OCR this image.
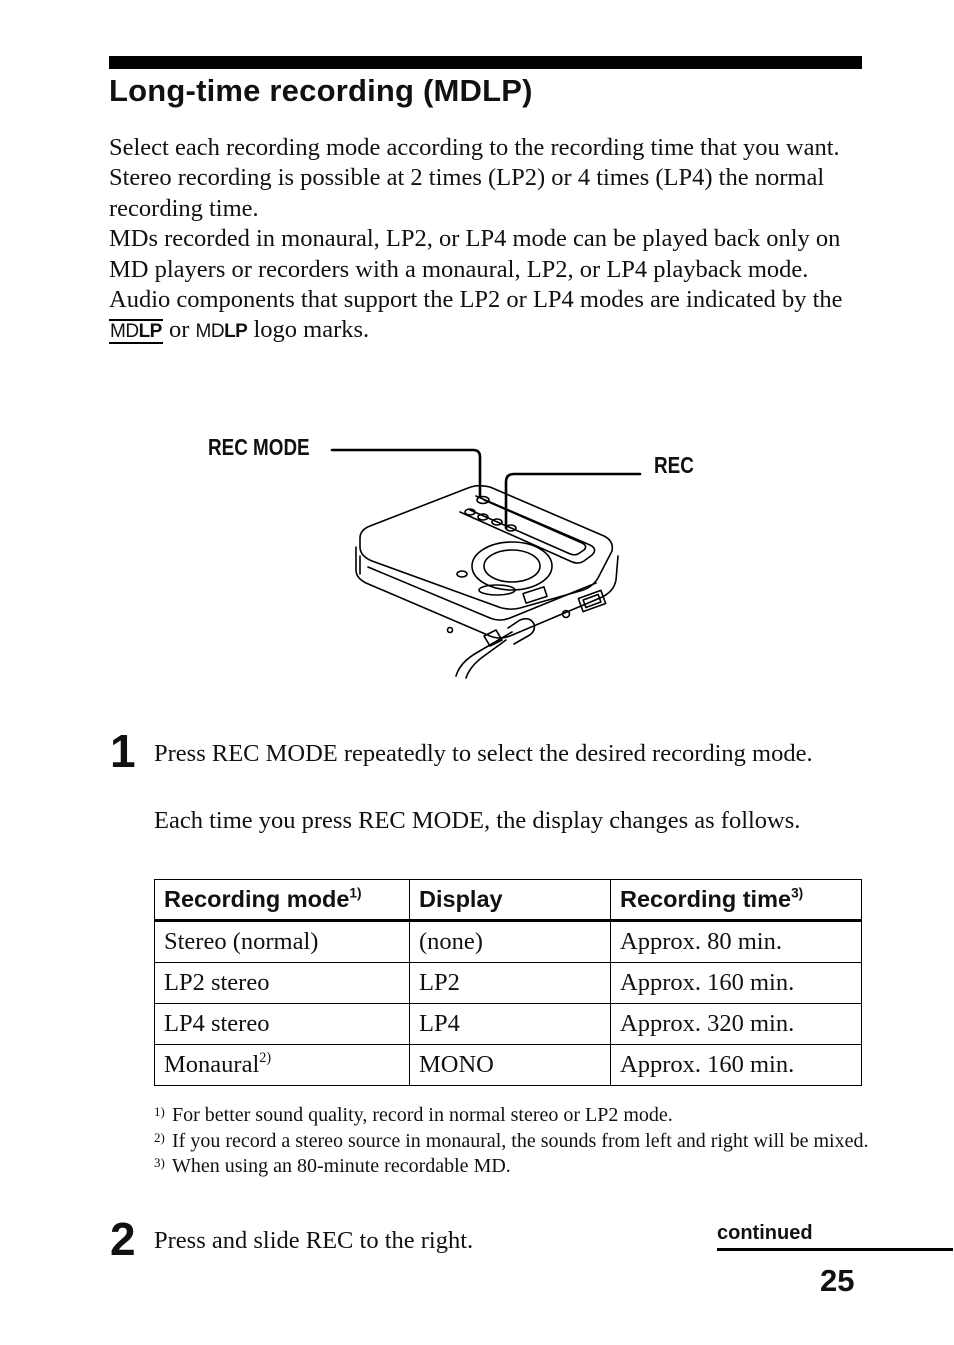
Long-time recording (MDLP)

Select each recording mode according to the recording time that you want.

Stereo recording is possible at 2 times (LP2) or 4 times (LP4) the normal recording time.

MDs recorded in monaural, LP2, or LP4 mode can be played back only on MD players or recorders with a monaural, LP2, or LP4 playback mode.

Audio components that support the LP2 or LP4 modes are indicated by the MDLP or MDLP logo marks.

REC MODE
REC
1 Press REC MODE repeatedly to select the desired recording mode.
Each time you press REC MODE, the display changes as follows.
Recording mode$^{1)}$	Display	Recording time$^{3)}$
Stereo (normal)	(none)	Approx. 80 min.
LP2 stereo	LP2	Approx. 160 min.
LP4 stereo	LP4	Approx. 320 min.
Monaural$^{2)}$	MONO	Approx. 160 min.

1) For better sound quality, record in normal stereo or LP2 mode.

2) If you record a stereo source in monaural, the sounds from left and right will be mixed.

3) When using an 80-minute recordable MD.

2 Press and slide REC to the right.	continued
25
